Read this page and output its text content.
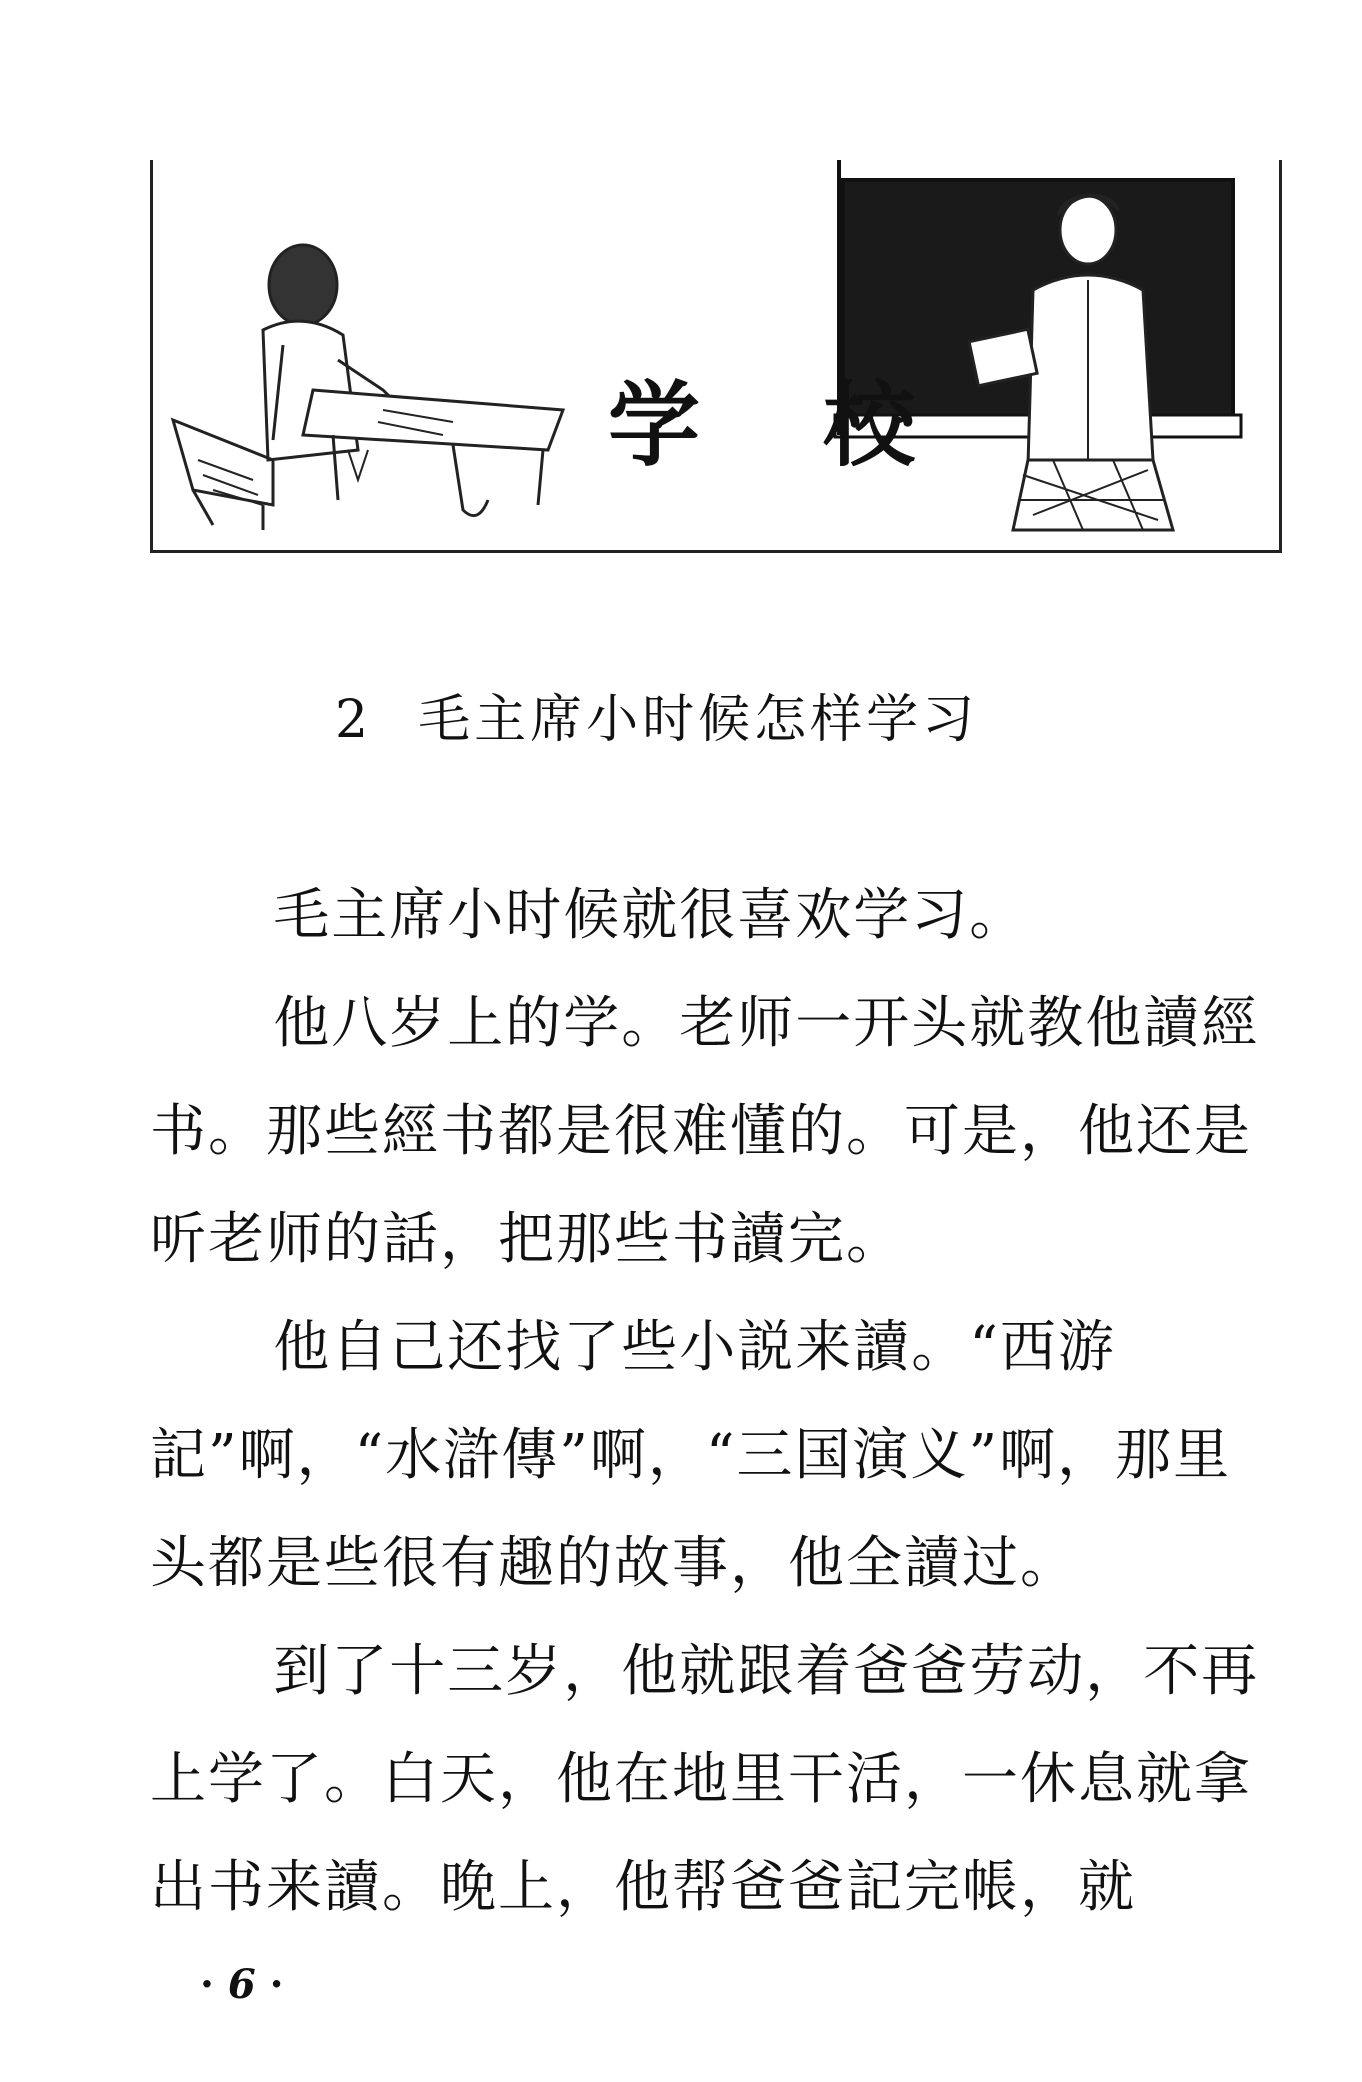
学 校
2 毛主席小时候怎样学习

毛主席小时候就很喜欢学习。

他八岁上的学。老师一开头就教他讀經书。那些經书都是很难懂的。可是，他还是听老师的話，把那些书讀完。

他自己还找了些小説来讀。“西游記”啊，“水滸傳”啊，“三国演义”啊，那里头都是些很有趣的故事，他全讀过。

到了十三岁，他就跟着爸爸劳动，不再上学了。白天，他在地里干活，一休息就拿出书来讀。晚上，他帮爸爸記完帳，就

· 6 ·
